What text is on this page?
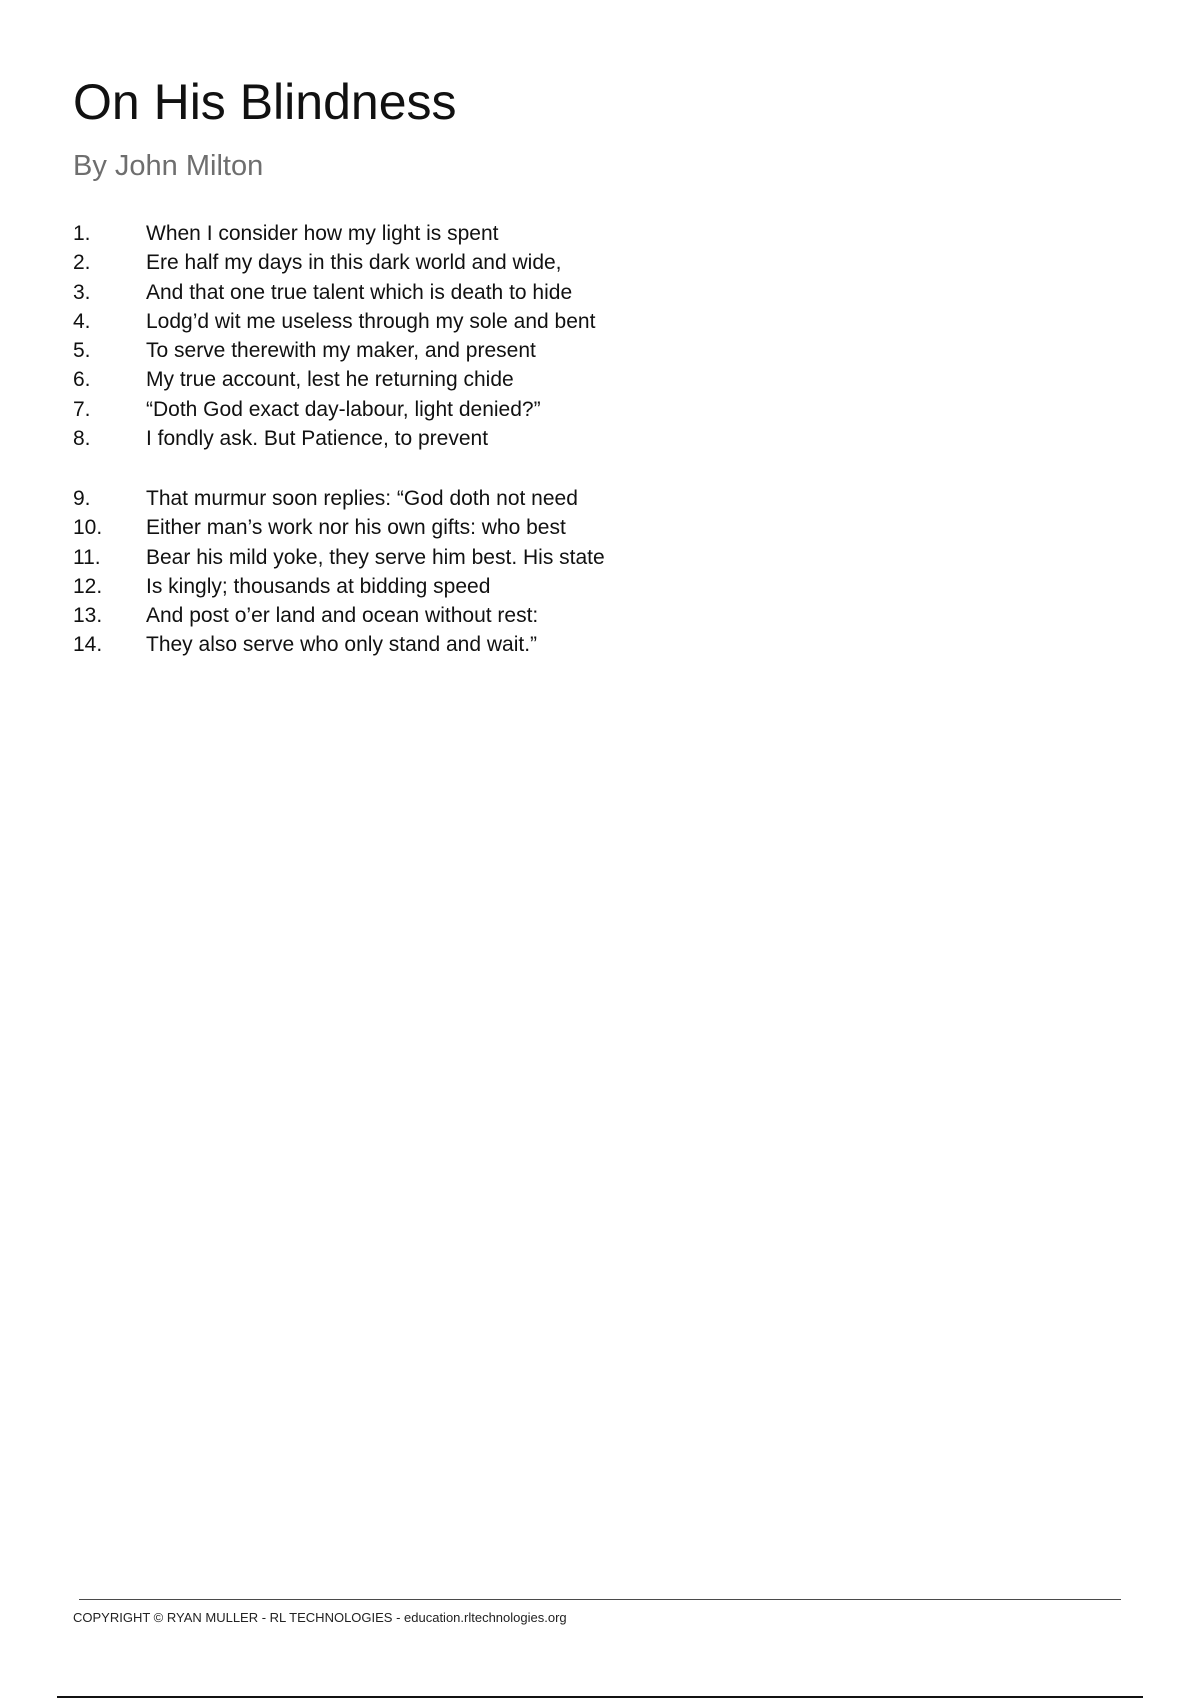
On His Blindness

By John Milton

1.	When I consider how my light is spent
2.	Ere half my days in this dark world and wide,
3.	And that one true talent which is death to hide
4.	Lodg’d wit me useless through my sole and bent
5.	To serve therewith my maker, and present
6.	My true account, lest he returning chide
7.	“Doth God exact day-labour, light denied?”
8.	I fondly ask. But Patience, to prevent
9.	That murmur soon replies: “God doth not need
10.	Either man’s work nor his own gifts: who best
11.	Bear his mild yoke, they serve him best. His state
12.	Is kingly; thousands at bidding speed
13.	And post o’er land and ocean without rest:
14.	They also serve who only stand and wait.”

COPYRIGHT © RYAN MULLER - RL TECHNOLOGIES - education.rltechnologies.org
